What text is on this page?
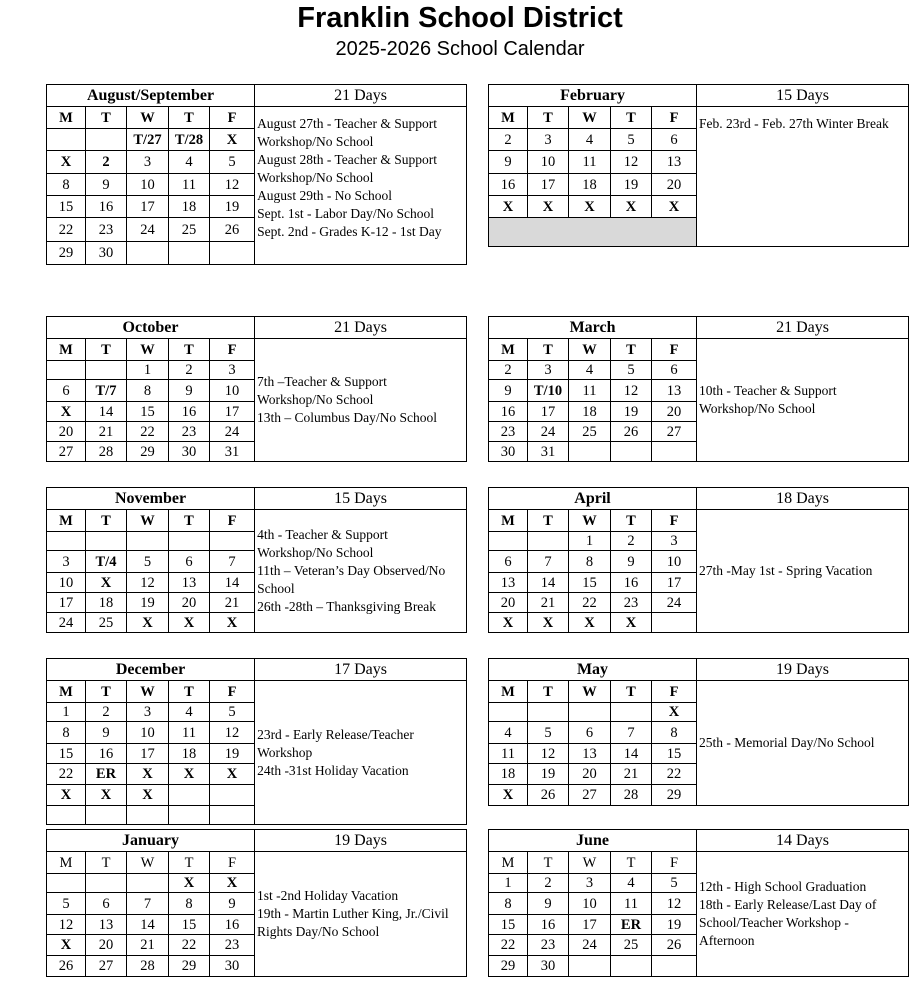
Franklin School District
2025-2026 School Calendar
August/September					21 Days
M	T	W	T	F	August 27th - Teacher & Support Workshop/No School
August 28th - Teacher & Support Workshop/No School
August 29th - No School
Sept. 1st - Labor Day/No School
Sept. 2nd - Grades K-12 - 1st Day

		T/27	T/28	X	
X	2	3	4	5	
8	9	10	11	12	
15	16	17	18	19	
22	23	24	25	26	
29	30				
February					15 Days
M	T	W	T	F	Feb. 23rd - Feb. 27th Winter Break

2	3	4	5	6	
9	10	11	12	13	
16	17	18	19	20	
X	X	X	X	X	

October					21 Days
M	T	W	T	F	7th –Teacher & Support Workshop/No School
13th – Columbus Day/No School

		1	2	3	
6	T/7	8	9	10	
X	14	15	16	17	
20	21	22	23	24	
27	28	29	30	31	
March					21 Days
M	T	W	T	F	10th - Teacher & Support Workshop/No School

2	3	4	5	6	
9	T/10	11	12	13	
16	17	18	19	20	
23	24	25	26	27	
30	31				
November					15 Days
M	T	W	T	F	4th - Teacher & Support Workshop/No School
11th – Veteran’s Day Observed/No School
26th -28th – Thanksgiving Break

3	T/4	5	6	7	
10	X	12	13	14	
17	18	19	20	21	
24	25	X	X	X	
April					18 Days
M	T	W	T	F	27th -May 1st - Spring Vacation

		1	2	3	
6	7	8	9	10	
13	14	15	16	17	
20	21	22	23	24	
X	X	X	X		
December					17 Days
M	T	W	T	F	23rd - Early Release/Teacher Workshop
24th -31st Holiday Vacation

1	2	3	4	5	
8	9	10	11	12	
15	16	17	18	19	
22	ER	X	X	X	
X	X	X			

May					19 Days
M	T	W	T	F	25th - Memorial Day/No School

				X	
4	5	6	7	8	
11	12	13	14	15	
18	19	20	21	22	
X	26	27	28	29	
January					19 Days
M	T	W	T	F	1st -2nd Holiday Vacation
19th - Martin Luther King, Jr./Civil Rights Day/No School

			X	X	
5	6	7	8	9	
12	13	14	15	16	
X	20	21	22	23	
26	27	28	29	30	
June					14 Days
M	T	W	T	F	12th - High School Graduation
18th - Early Release/Last Day of School/Teacher Workshop - Afternoon

1	2	3	4	5	
8	9	10	11	12	
15	16	17	ER	19	
22	23	24	25	26	
29	30				
